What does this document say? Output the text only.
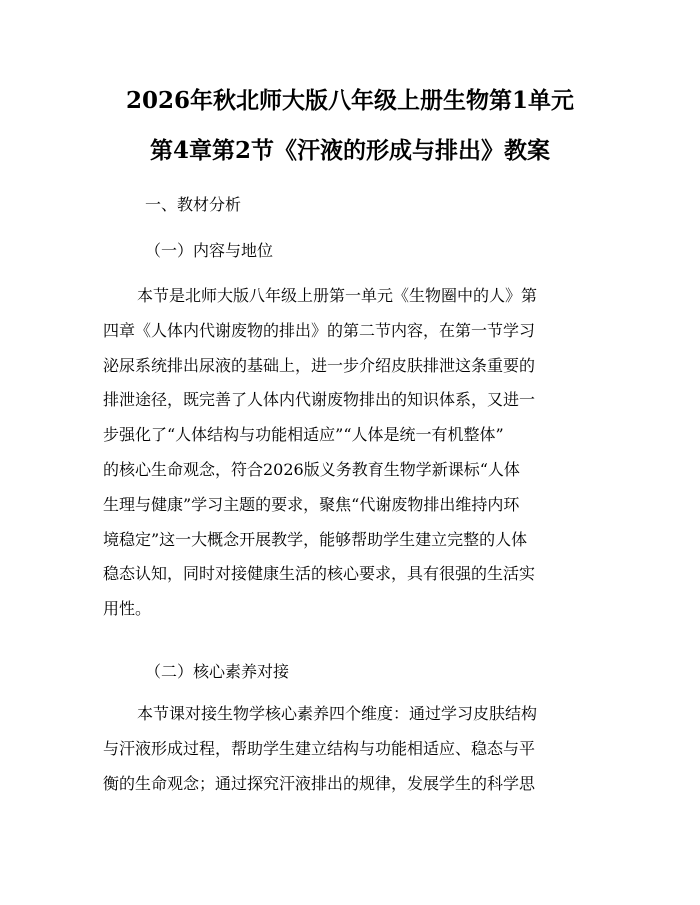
2026年秋北师大版八年级上册生物第1单元
第4章第2节《汗液的形成与排出》教案
一、教材分析
（一）内容与地位
本节是北师大版八年级上册第一单元《生物圈中的人》第
四章《人体内代谢废物的排出》的第二节内容，在第一节学习
泌尿系统排出尿液的基础上，进一步介绍皮肤排泄这条重要的
排泄途径，既完善了人体内代谢废物排出的知识体系，又进一
步强化了“人体结构与功能相适应”“人体是统一有机整体”
的核心生命观念，符合2026版义务教育生物学新课标“人体
生理与健康”学习主题的要求，聚焦“代谢废物排出维持内环
境稳定”这一大概念开展教学，能够帮助学生建立完整的人体
稳态认知，同时对接健康生活的核心要求，具有很强的生活实
用性。
（二）核心素养对接
本节课对接生物学核心素养四个维度：通过学习皮肤结构
与汗液形成过程，帮助学生建立结构与功能相适应、稳态与平
衡的生命观念；通过探究汗液排出的规律，发展学生的科学思
